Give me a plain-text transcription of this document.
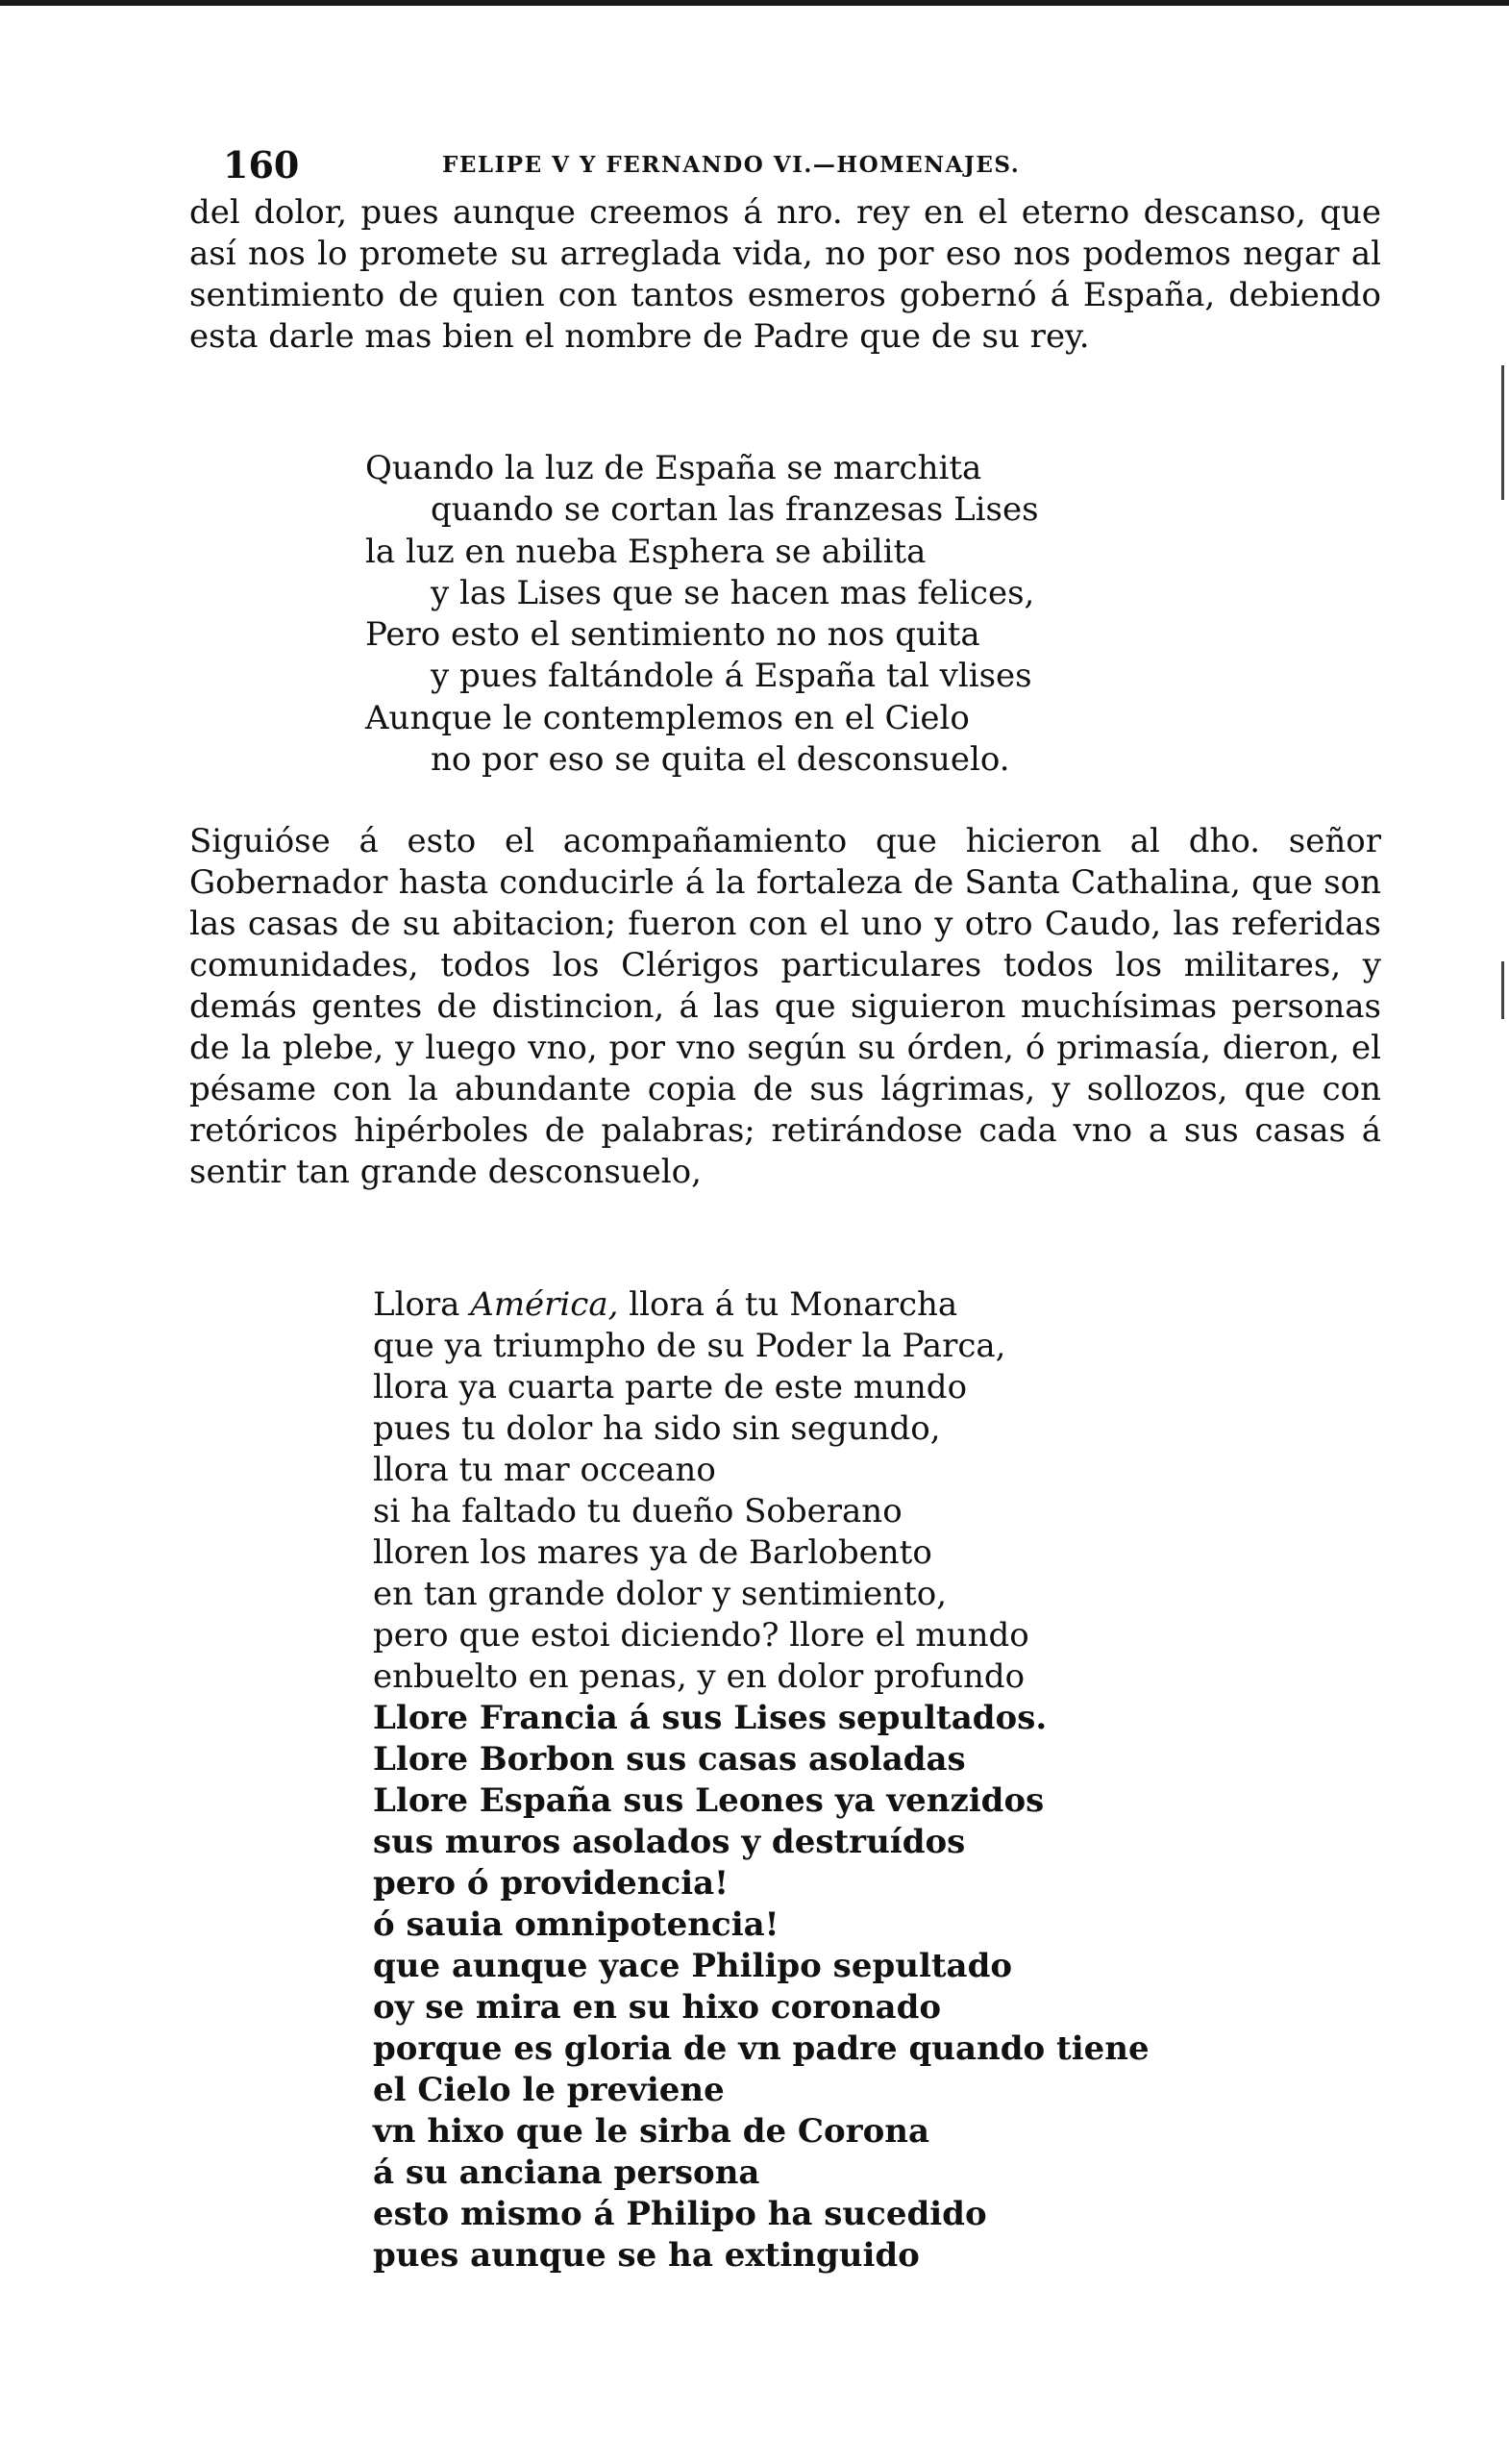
160	FELIPE V Y FERNANDO VI.—HOMENAJES.

del dolor, pues aunque creemos á nro. rey en el eterno descanso, que así nos lo promete su arreglada vida, no por eso nos podemos negar al sentimiento de quien con tantos esmeros gobernó á España, debiendo esta darle mas bien el nombre de Padre que de su rey.

Quando la luz de España se marchita
quando se cortan las franzesas Lises
la luz en nueba Esphera se abilita
y las Lises que se hacen mas felices,
Pero esto el sentimiento no nos quita
y pues faltándole á España tal vlises
Aunque le contemplemos en el Cielo
no por eso se quita el desconsuelo.

Siguióse á esto el acompañamiento que hicieron al dho. señor Gobernador hasta conducirle á la fortaleza de Santa Cathalina, que son las casas de su abitacion; fueron con el uno y otro Caudo, las referidas comunidades, todos los Clérigos particulares todos los militares, y demás gentes de distincion, á las que siguieron muchísimas personas de la plebe, y luego vno, por vno según su órden, ó primasía, dieron, el pésame con la abundante copia de sus lágrimas, y sollozos, que con retóricos hipérboles de palabras; retirándose cada vno a sus casas á sentir tan grande desconsuelo,

Llora América, llora á tu Monarcha
que ya triumpho de su Poder la Parca,
llora ya cuarta parte de este mundo
pues tu dolor ha sido sin segundo,
llora tu mar occeano
si ha faltado tu dueño Soberano
lloren los mares ya de Barlobento
en tan grande dolor y sentimiento,
pero que estoi diciendo? llore el mundo
enbuelto en penas, y en dolor profundo
Llore Francia á sus Lises sepultados.
Llore Borbon sus casas asoladas
Llore España sus Leones ya venzidos
sus muros asolados y destruídos
pero ó providencia!
ó sauia omnipotencia!
que aunque yace Philipo sepultado
oy se mira en su hixo coronado
porque es gloria de vn padre quando tiene
el Cielo le previene
vn hixo que le sirba de Corona
á su anciana persona
esto mismo á Philipo ha sucedido
pues aunque se ha extinguido
